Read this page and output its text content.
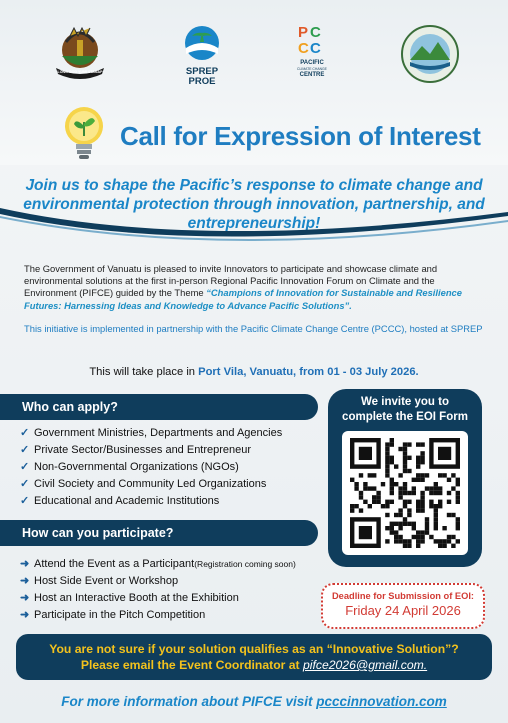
LONG GOD YUMI STANAP	SPREP
PROE
P C
C C
PACIFIC
CLIMATE CHANGE
CENTRE
Call for Expression of Interest
Join us to shape the Pacific’s response to climate change and environmental protection through innovation, partnership, and entrepreneurship!
The Government of Vanuatu is pleased to invite Innovators to participate and showcase climate and environmental solutions at the first in-person Regional Pacific Innovation Forum on Climate and the Environment (PIFCE) guided by the Theme “Champions of Innovation for Sustainable and Resilience Futures: Harnessing Ideas and Knowledge to Advance Pacific Solutions”.
This initiative is implemented in partnership with the Pacific Climate Change Centre (PCCC), hosted at SPREP
This will take place in Port Vila, Vanuatu, from 01 - 03 July 2026.
Who can apply?
✓ Government Ministries, Departments and Agencies
✓ Private Sector/Businesses and Entrepreneur
✓ Non-Governmental Organizations (NGOs)
✓ Civil Society and Community Led Organizations
✓ Educational and Academic Institutions
How can you participate?
➜ Attend the Event as a Participant (Registration coming soon)
➜ Host Side Event or Workshop
➜ Host an Interactive Booth at the Exhibition
➜ Participate in the Pitch Competition
We invite you to
complete the EOI Form
Deadline for Submission of EOI:
Friday 24 April 2026
You are not sure if your solution qualifies as an “Innovative Solution”?
Please email the Event Coordinator at pifce2026@gmail.com.
For more information about PIFCE visit pcccinnovation.com
